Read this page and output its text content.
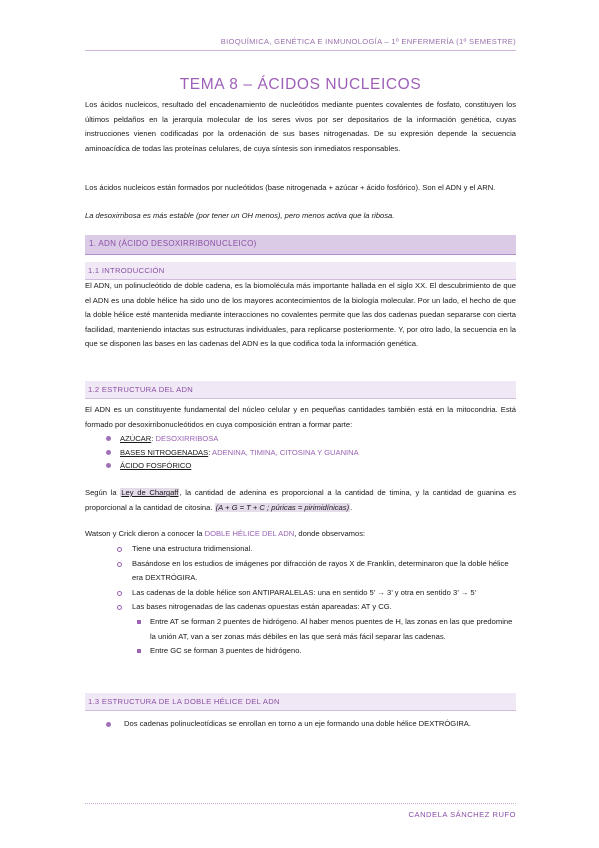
BIOQUÍMICA, GENÉTICA E INMUNOLOGÍA – 1º ENFERMERÍA (1º SEMESTRE)
TEMA 8 – ÁCIDOS NUCLEICOS

Los ácidos nucleicos, resultado del encadenamiento de nucleótidos mediante puentes covalentes de fosfato, constituyen los últimos peldaños en la jerarquía molecular de los seres vivos por ser depositarios de la información genética, cuyas instrucciones vienen codificadas por la ordenación de sus bases nitrogenadas. De su expresión depende la secuencia aminoacídica de todas las proteínas celulares, de cuya síntesis son inmediatos responsables.

Los ácidos nucleicos están formados por nucleótidos (base nitrogenada + azúcar + ácido fosfórico). Son el ADN y el ARN.

La desoxirribosa es más estable (por tener un OH menos), pero menos activa que la ribosa.

1. ADN (ÁCIDO DESOXIRRIBONUCLEICO)
1.1 INTRODUCCIÓN

El ADN, un polinucleótido de doble cadena, es la biomolécula más importante hallada en el siglo XX. El descubrimiento de que el ADN es una doble hélice ha sido uno de los mayores acontecimientos de la biología molecular. Por un lado, el hecho de que la doble hélice esté mantenida mediante interacciones no covalentes permite que las dos cadenas puedan separarse con cierta facilidad, manteniendo intactas sus estructuras individuales, para replicarse posteriormente. Y, por otro lado, la secuencia en la que se disponen las bases en las cadenas del ADN es la que codifica toda la información genética.

1.2 ESTRUCTURA DEL ADN

El ADN es un constituyente fundamental del núcleo celular y en pequeñas cantidades también está en la mitocondria. Está formado por desoxirribonucleótidos en cuya composición entran a formar parte:

AZÚCAR: DESOXIRRIBOSA
BASES NITROGENADAS: ADENINA, TIMINA, CITOSINA Y GUANINA
ÁCIDO FOSFÓRICO

Según la Ley de Chargaff, la cantidad de adenina es proporcional a la cantidad de timina, y la cantidad de guanina es proporcional a la cantidad de citosina. (A + G = T + C ; púricas = pirimidínicas).

Watson y Crick dieron a conocer la DOBLE HÉLICE DEL ADN, donde observamos:

Tiene una estructura tridimensional.
Basándose en los estudios de imágenes por difracción de rayos X de Franklin, determinaron que la doble hélice era DEXTRÓGIRA.
Las cadenas de la doble hélice son ANTIPARALELAS: una en sentido 5’ → 3’ y otra en sentido 3’ → 5’
Las bases nitrogenadas de las cadenas opuestas están apareadas: AT y CG.
Entre AT se forman 2 puentes de hidrógeno. Al haber menos puentes de H, las zonas en las que predomine la unión AT, van a ser zonas más débiles en las que será más fácil separar las cadenas.
Entre GC se forman 3 puentes de hidrógeno.
1.3 ESTRUCTURA DE LA DOBLE HÉLICE DEL ADN
Dos cadenas polinucleotídicas se enrollan en torno a un eje formando una doble hélice DEXTRÓGIRA.
CANDELA SÁNCHEZ RUFO
